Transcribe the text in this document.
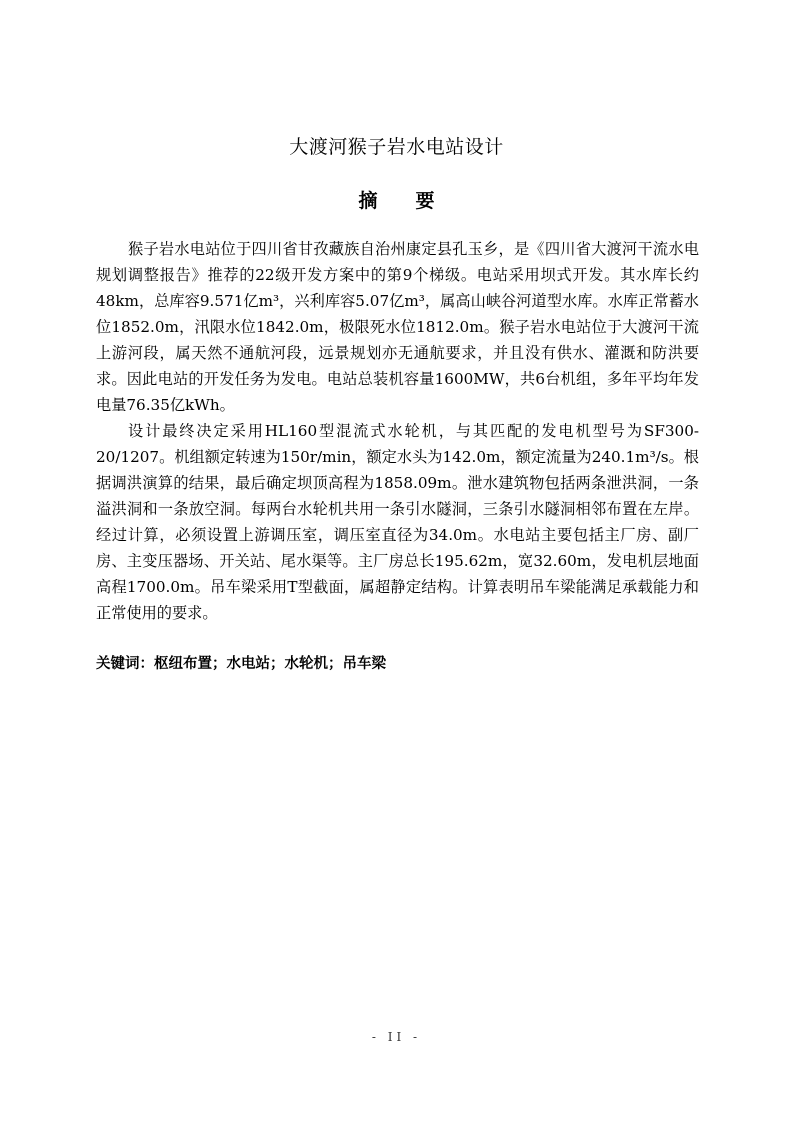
大渡河猴子岩水电站设计
摘 要

猴子岩水电站位于四川省甘孜藏族自治州康定县孔玉乡，是《四川省大渡河干流水电规划调整报告》推荐的22级开发方案中的第9个梯级。电站采用坝式开发。其水库长约48km，总库容9.571亿m³，兴利库容5.07亿m³，属高山峡谷河道型水库。水库正常蓄水位1852.0m，汛限水位1842.0m，极限死水位1812.0m。猴子岩水电站位于大渡河干流上游河段，属天然不通航河段，远景规划亦无通航要求，并且没有供水、灌溉和防洪要求。因此电站的开发任务为发电。电站总装机容量1600MW，共6台机组，多年平均年发电量76.35亿kWh。

设计最终决定采用HL160型混流式水轮机，与其匹配的发电机型号为SF300-20/1207。机组额定转速为150r/min，额定水头为142.0m，额定流量为240.1m³/s。根据调洪演算的结果，最后确定坝顶高程为1858.09m。泄水建筑物包括两条泄洪洞，一条溢洪洞和一条放空洞。每两台水轮机共用一条引水隧洞，三条引水隧洞相邻布置在左岸。经过计算，必须设置上游调压室，调压室直径为34.0m。水电站主要包括主厂房、副厂房、主变压器场、开关站、尾水渠等。主厂房总长195.62m，宽32.60m，发电机层地面高程1700.0m。吊车梁采用T型截面，属超静定结构。计算表明吊车梁能满足承载能力和正常使用的要求。

关键词：枢纽布置；水电站；水轮机；吊车梁
- II -
